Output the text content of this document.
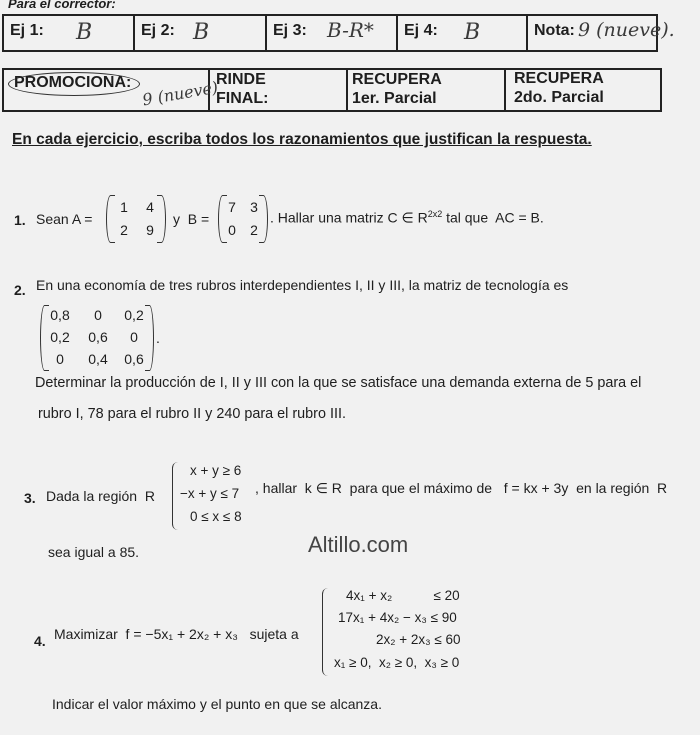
Para el corrector:
Ej 1: B	Ej 2: B	Ej 3: B-R* Ej 4: B	Nota: 9 (nueve).
PROMOCIONA: 9 (nueve)
RINDE
FINAL:
RECUPERA
1er. Parcial
RECUPERA
2do. Parcial
En cada ejercicio, escriba todos los razonamientos que justifican la respuesta.
1. Sean A =
1	4
2	9
y  B =
7	3
0	2
. Hallar una matriz C ∈ $R^{2x2}$ tal que  AC = B.
2. En una economía de tres rubros interdependientes I, II y III, la matriz de tecnología es
0,8	0	0,2
0,2	0,6	0
0	0,4	0,6
.
Determinar la producción de I, II y III con la que se satisface una demanda externa de 5 para el
rubro I, 78 para el rubro II y 240 para el rubro III.
3. Dada la región  R
x + y ≥ 6
−x + y ≤ 7
0 ≤ x ≤ 8
, hallar  k ∈ R  para que el máximo de   f = kx + 3y  en la región  R
sea igual a 85.	Altillo.com
4. Maximizar  f = −5x₁ + 2x₂ + x₃   sujeta a
4x₁ + x₂           ≤ 20
17x₁ + 4x₂ − x₃ ≤ 90
2x₂ + 2x₃ ≤ 60
x₁ ≥ 0,  x₂ ≥ 0,  x₃ ≥ 0
Indicar el valor máximo y el punto en que se alcanza.
